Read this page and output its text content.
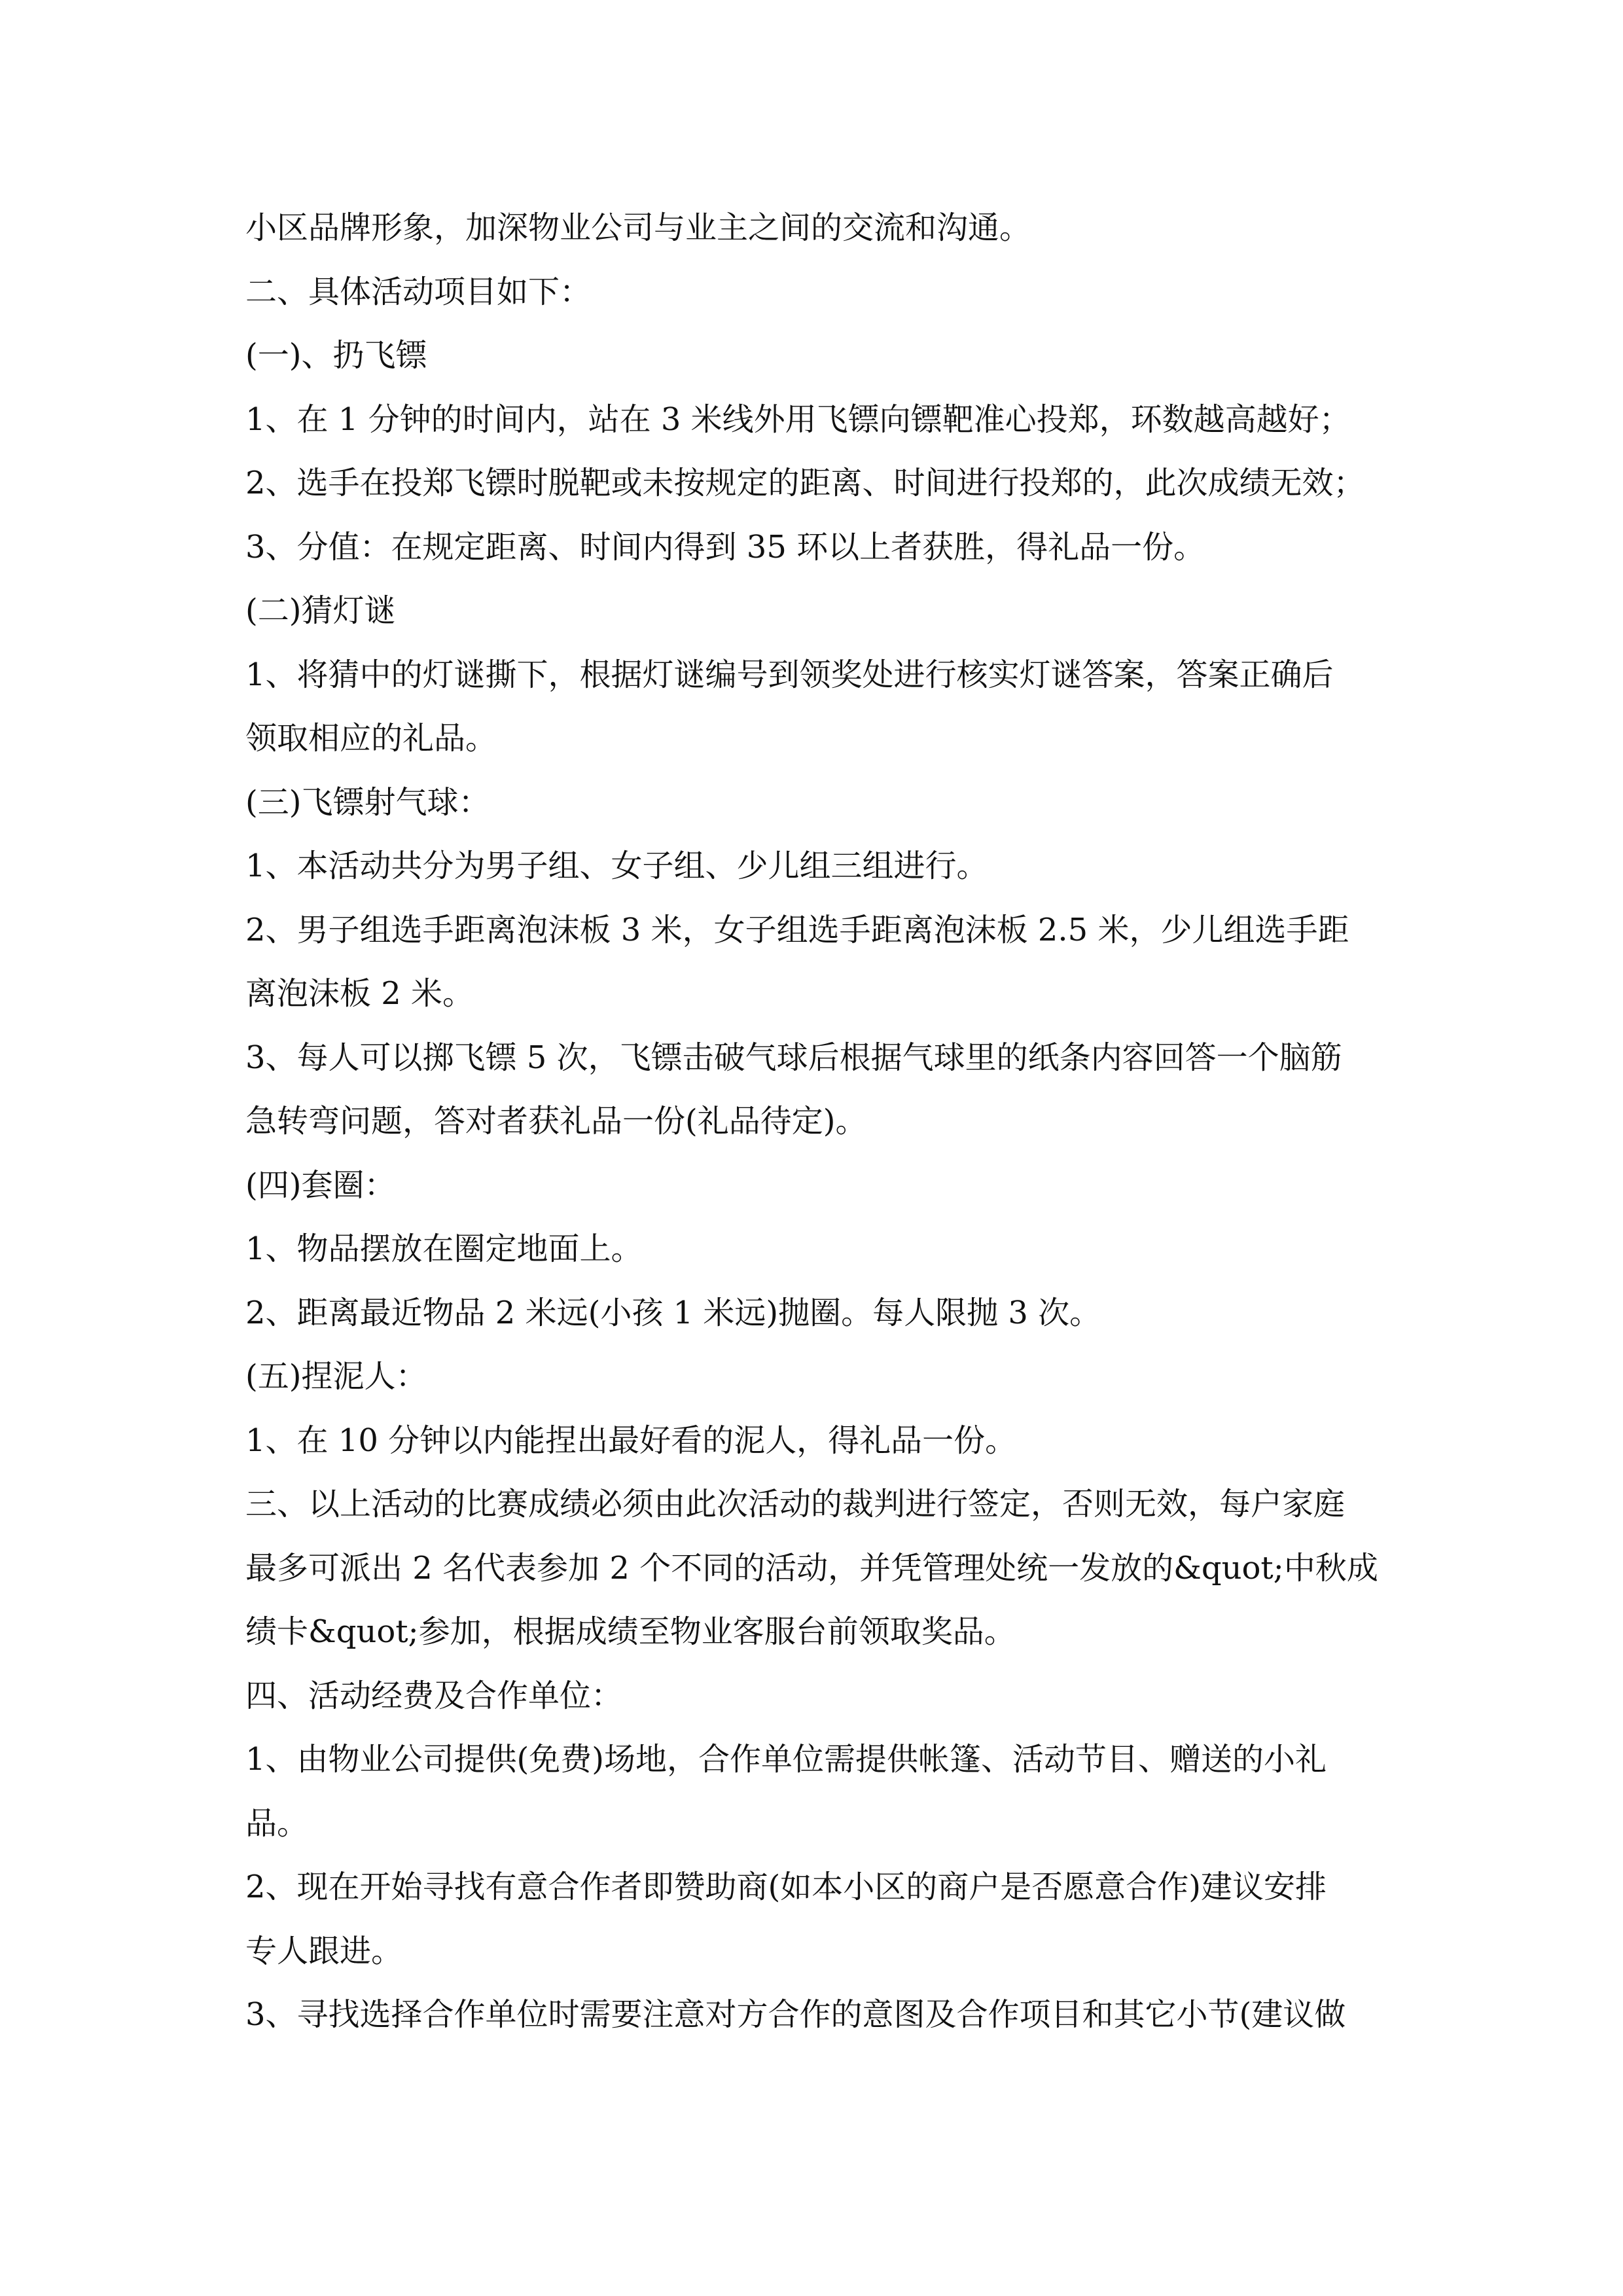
小区品牌形象，加深物业公司与业主之间的交流和沟通。
二、具体活动项目如下：
(一)、扔飞镖
1、在 1 分钟的时间内，站在 3 米线外用飞镖向镖靶准心投郑，环数越高越好；
2、选手在投郑飞镖时脱靶或未按规定的距离、时间进行投郑的，此次成绩无效；
3、分值：在规定距离、时间内得到 35 环以上者获胜，得礼品一份。
(二)猜灯谜
1、将猜中的灯谜撕下，根据灯谜编号到领奖处进行核实灯谜答案，答案正确后
领取相应的礼品。
(三)飞镖射气球：
1、本活动共分为男子组、女子组、少儿组三组进行。
2、男子组选手距离泡沫板 3 米，女子组选手距离泡沫板 2.5 米，少儿组选手距
离泡沫板 2 米。
3、每人可以掷飞镖 5 次，飞镖击破气球后根据气球里的纸条内容回答一个脑筋
急转弯问题，答对者获礼品一份(礼品待定)。
(四)套圈：
1、物品摆放在圈定地面上。
2、距离最近物品 2 米远(小孩 1 米远)抛圈。每人限抛 3 次。
(五)捏泥人：
1、在 10 分钟以内能捏出最好看的泥人，得礼品一份。
三、以上活动的比赛成绩必须由此次活动的裁判进行签定，否则无效，每户家庭
最多可派出 2 名代表参加 2 个不同的活动，并凭管理处统一发放的&quot;中秋成
绩卡&quot;参加，根据成绩至物业客服台前领取奖品。
四、活动经费及合作单位：
1、由物业公司提供(免费)场地，合作单位需提供帐篷、活动节目、赠送的小礼
品。
2、现在开始寻找有意合作者即赞助商(如本小区的商户是否愿意合作)建议安排
专人跟进。
3、寻找选择合作单位时需要注意对方合作的意图及合作项目和其它小节(建议做
